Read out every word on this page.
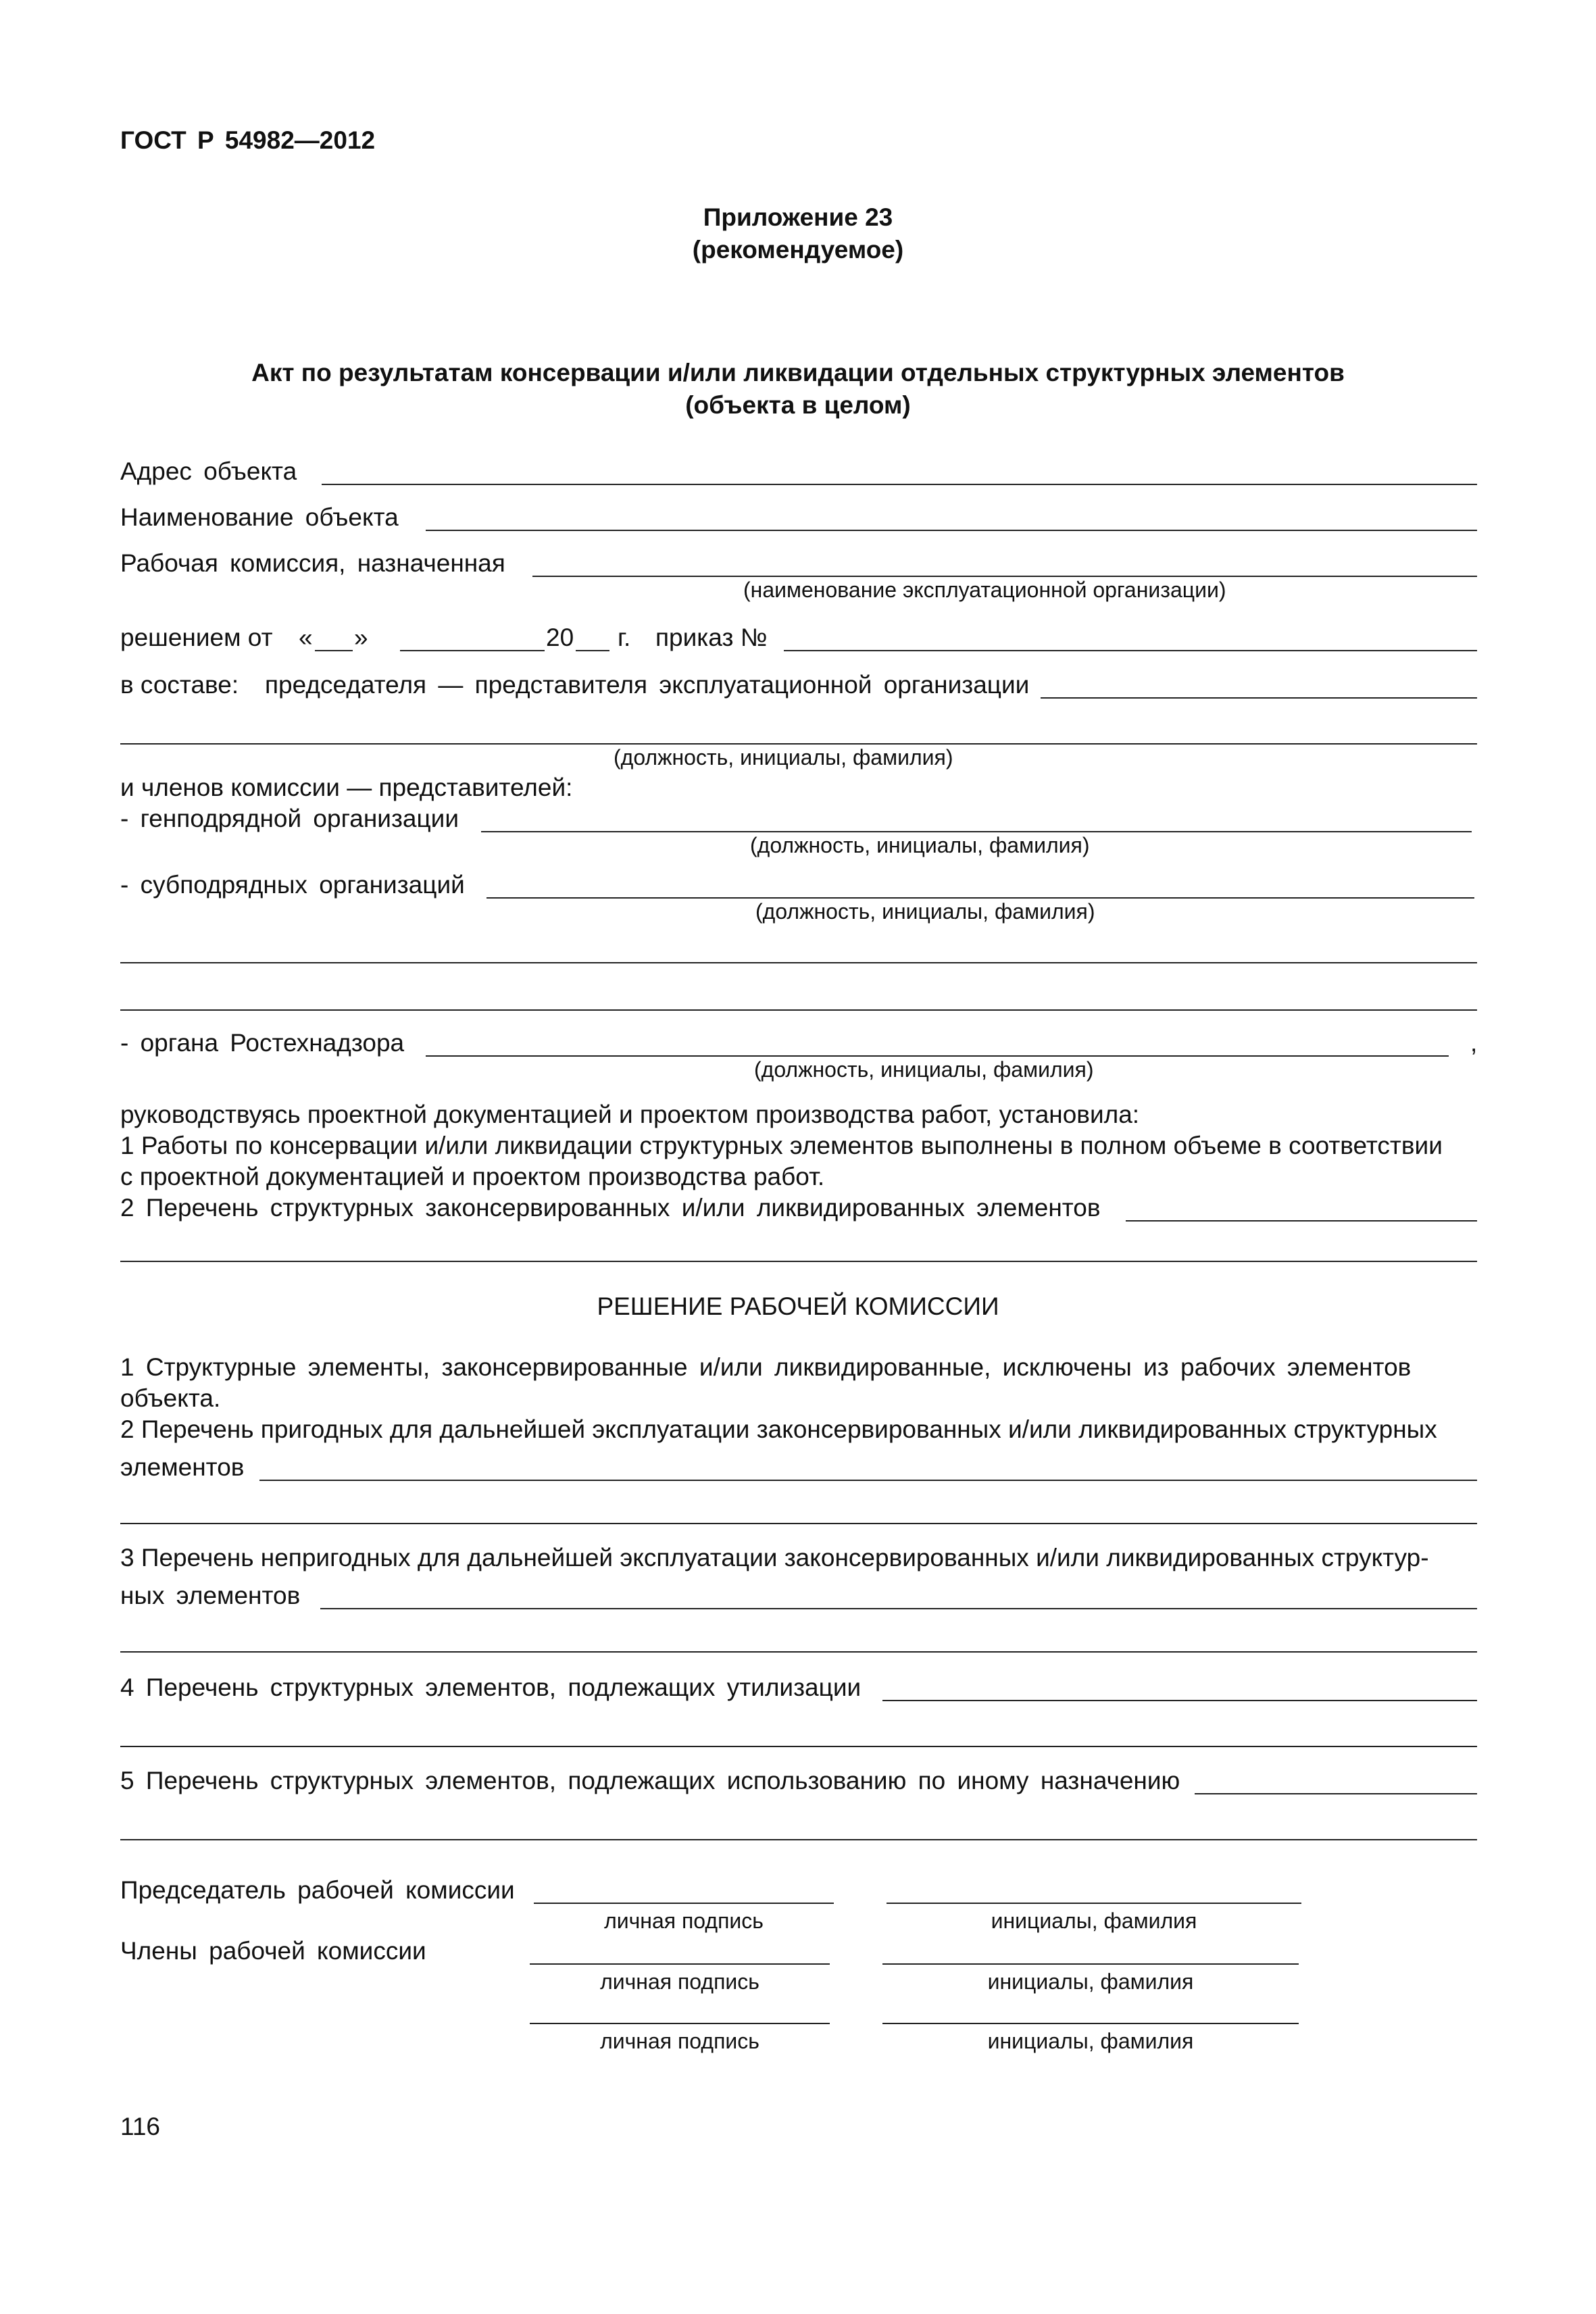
ГОСТ Р 54982—2012
Приложение 23
(рекомендуемое)
Акт по результатам консервации и/или ликвидации отдельных структурных элементов
(объекта в целом)
Адрес объекта
Наименование объекта
Рабочая комиссия, назначенная
(наименование эксплуатационной организации)
решением от « »	20 г. приказ №
в составе: председателя — представителя эксплуатационной организации
(должность, инициалы, фамилия)
и членов комиссии — представителей:
- генподрядной организации
(должность, инициалы, фамилия)
- субподрядных организаций
(должность, инициалы, фамилия)
- органа Ростехнадзора	,
(должность, инициалы, фамилия)
руководствуясь проектной документацией и проектом производства работ, установила:
1 Работы по консервации и/или ликвидации структурных элементов выполнены в полном объеме в соответствии
с проектной документацией и проектом производства работ.
2 Перечень структурных законсервированных и/или ликвидированных элементов
РЕШЕНИЕ РАБОЧЕЙ КОМИССИИ
1 Структурные элементы, законсервированные и/или ликвидированные, исключены из рабочих элементов
объекта.
2 Перечень пригодных для дальнейшей эксплуатации законсервированных и/или ликвидированных структурных
элементов
3 Перечень непригодных для дальнейшей эксплуатации законсервированных и/или ликвидированных структур-
ных элементов
4 Перечень структурных элементов, подлежащих утилизации
5 Перечень структурных элементов, подлежащих использованию по иному назначению
Председатель рабочей комиссии
личная подпись	инициалы, фамилия
Члены рабочей комиссии
личная подпись	инициалы, фамилия
личная подпись	инициалы, фамилия
116
